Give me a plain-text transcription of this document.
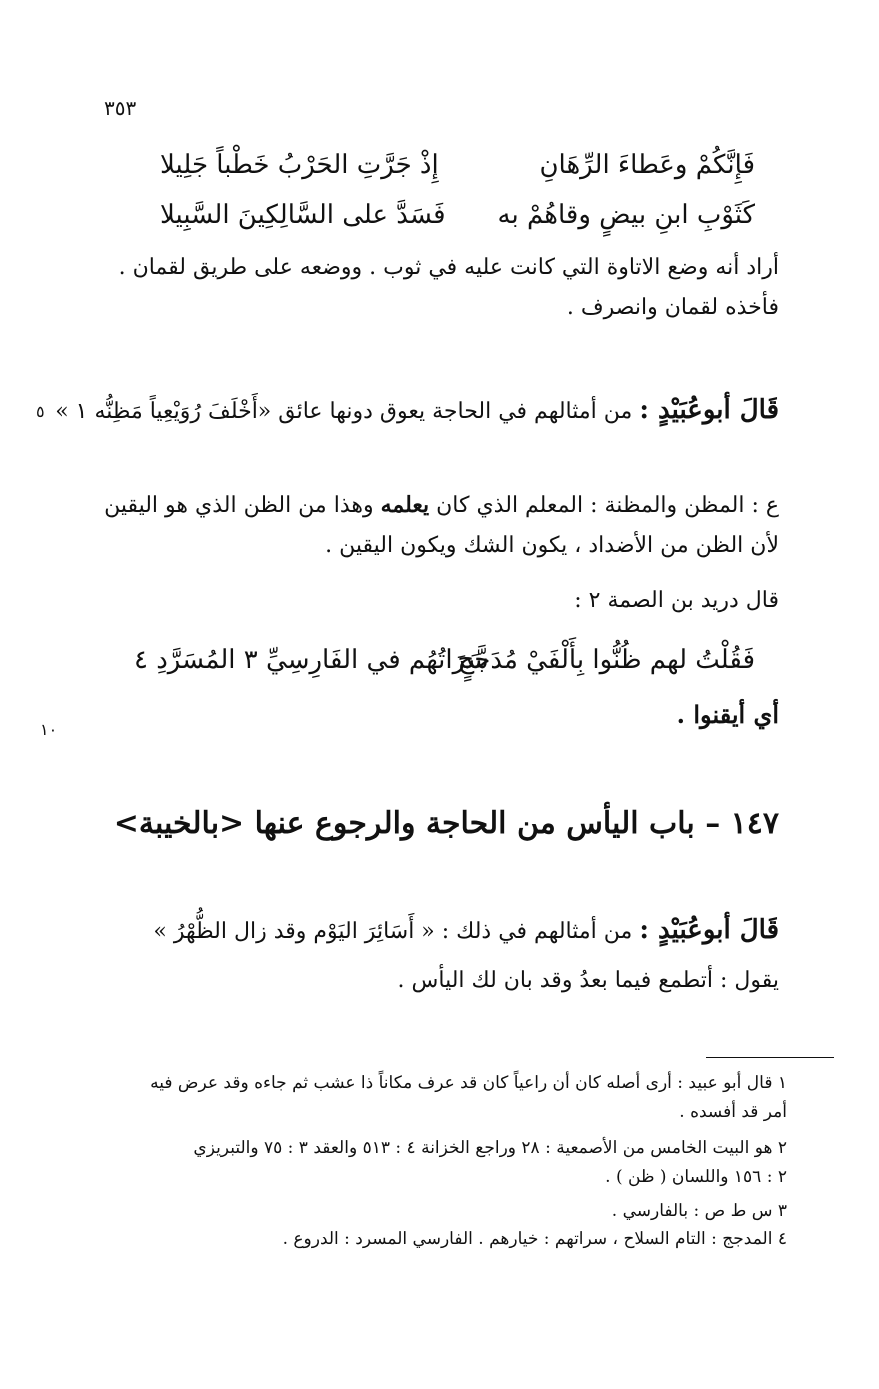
٣٥٣
فَإِنَّكُمْ وعَطاءَ الرِّهَانِ
إِذْ جَرَّتِ الحَرْبُ خَطْباً جَلِيلا
كَثَوْبِ ابنِ بيضٍ وقاهُمْ به
فَسَدَّ على السَّالِكِينَ السَّبِيلا
أراد أنه وضع الاتاوة التي كانت عليه في ثوب . ووضعه على طريق لقمان .
فأخذه لقمان وانصرف .
قَالَ أبوعُبَيْدٍ : من أمثالهم في الحاجة يعوق دونها عائق «أَخْلَفَ رُوَيْعِياً مَظِنُّه ١ »
٥
ع : المظن والمظنة : المعلم الذي كان يعلمه وهذا من الظن الذي هو اليقين
لأن الظن من الأضداد ، يكون الشك ويكون اليقين .
قال دريد بن الصمة ٢ :
فَقُلْتُ لهم ظُنُّوا بِأَلْفَيْ مُدَجَّجٍ
سَرَاتُهُم في الفَارِسِيِّ ٣ المُسَرَّدِ ٤
أي أيقنوا .
١٠
١٤٧ – باب اليأس من الحاجة والرجوع عنها <بالخيبة>
قَالَ أبوعُبَيْدٍ : من أمثالهم في ذلك : « أَسَائِرَ اليَوْم وقد زال الظُّهْرُ »
يقول : أتطمع فيما بعدُ وقد بان لك اليأس .
١ قال أبو عبيد : أرى أصله كان أن راعياً كان قد عرف مكاناً ذا عشب ثم جاءه وقد عرض فيه
أمر قد أفسده .
٢ هو البيت الخامس من الأصمعية : ٢٨ وراجع الخزانة ٤ : ٥١٣ والعقد ٣ : ٧٥ والتبريزي
٢ : ١٥٦ واللسان ( ظن ) .
٣ س ط ص : بالفارسي .
٤ المدجج : التام السلاح ، سراتهم : خيارهم . الفارسي المسرد : الدروع .
